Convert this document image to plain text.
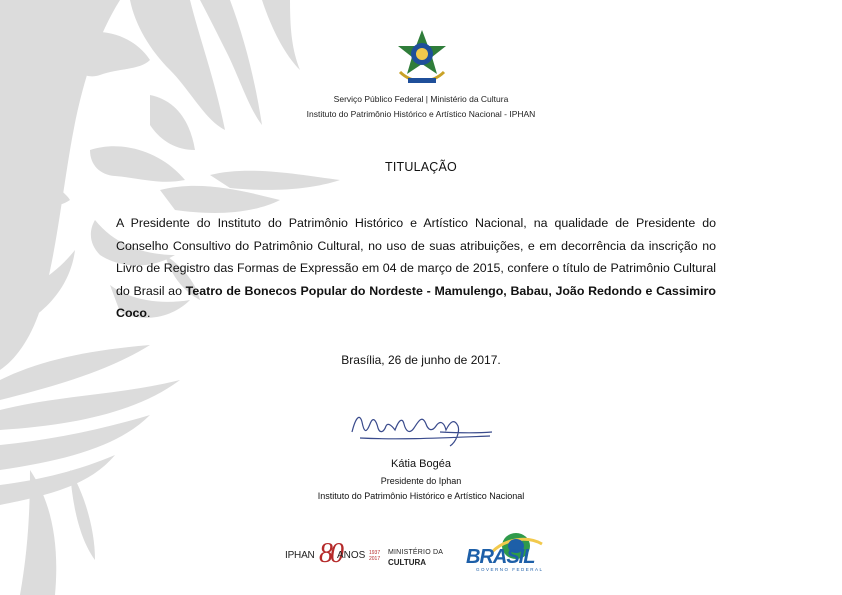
Serviço Público Federal | Ministério da Cultura
Instituto do Patrimônio Histórico e Artístico Nacional - IPHAN
TITULAÇÃO
A Presidente do Instituto do Patrimônio Histórico e Artístico Nacional, na qualidade de Presidente do Conselho Consultivo do Patrimônio Cultural, no uso de suas atribuições, e em decorrência da inscrição no Livro de Registro das Formas de Expressão em 04 de março de 2015, confere o título de Patrimônio Cultural do Brasil ao Teatro de Bonecos Popular do Nordeste - Mamulengo, Babau, João Redondo e Cassimiro Coco.
Brasília, 26 de junho de 2017.
Kátia Bogéa
Presidente do Iphan
Instituto do Patrimônio Histórico e Artístico Nacional
IPHAN 80
ANOS 1937
2017
MINISTÉRIO DA
CULTURA BRASIL
GOVERNO FEDERAL
